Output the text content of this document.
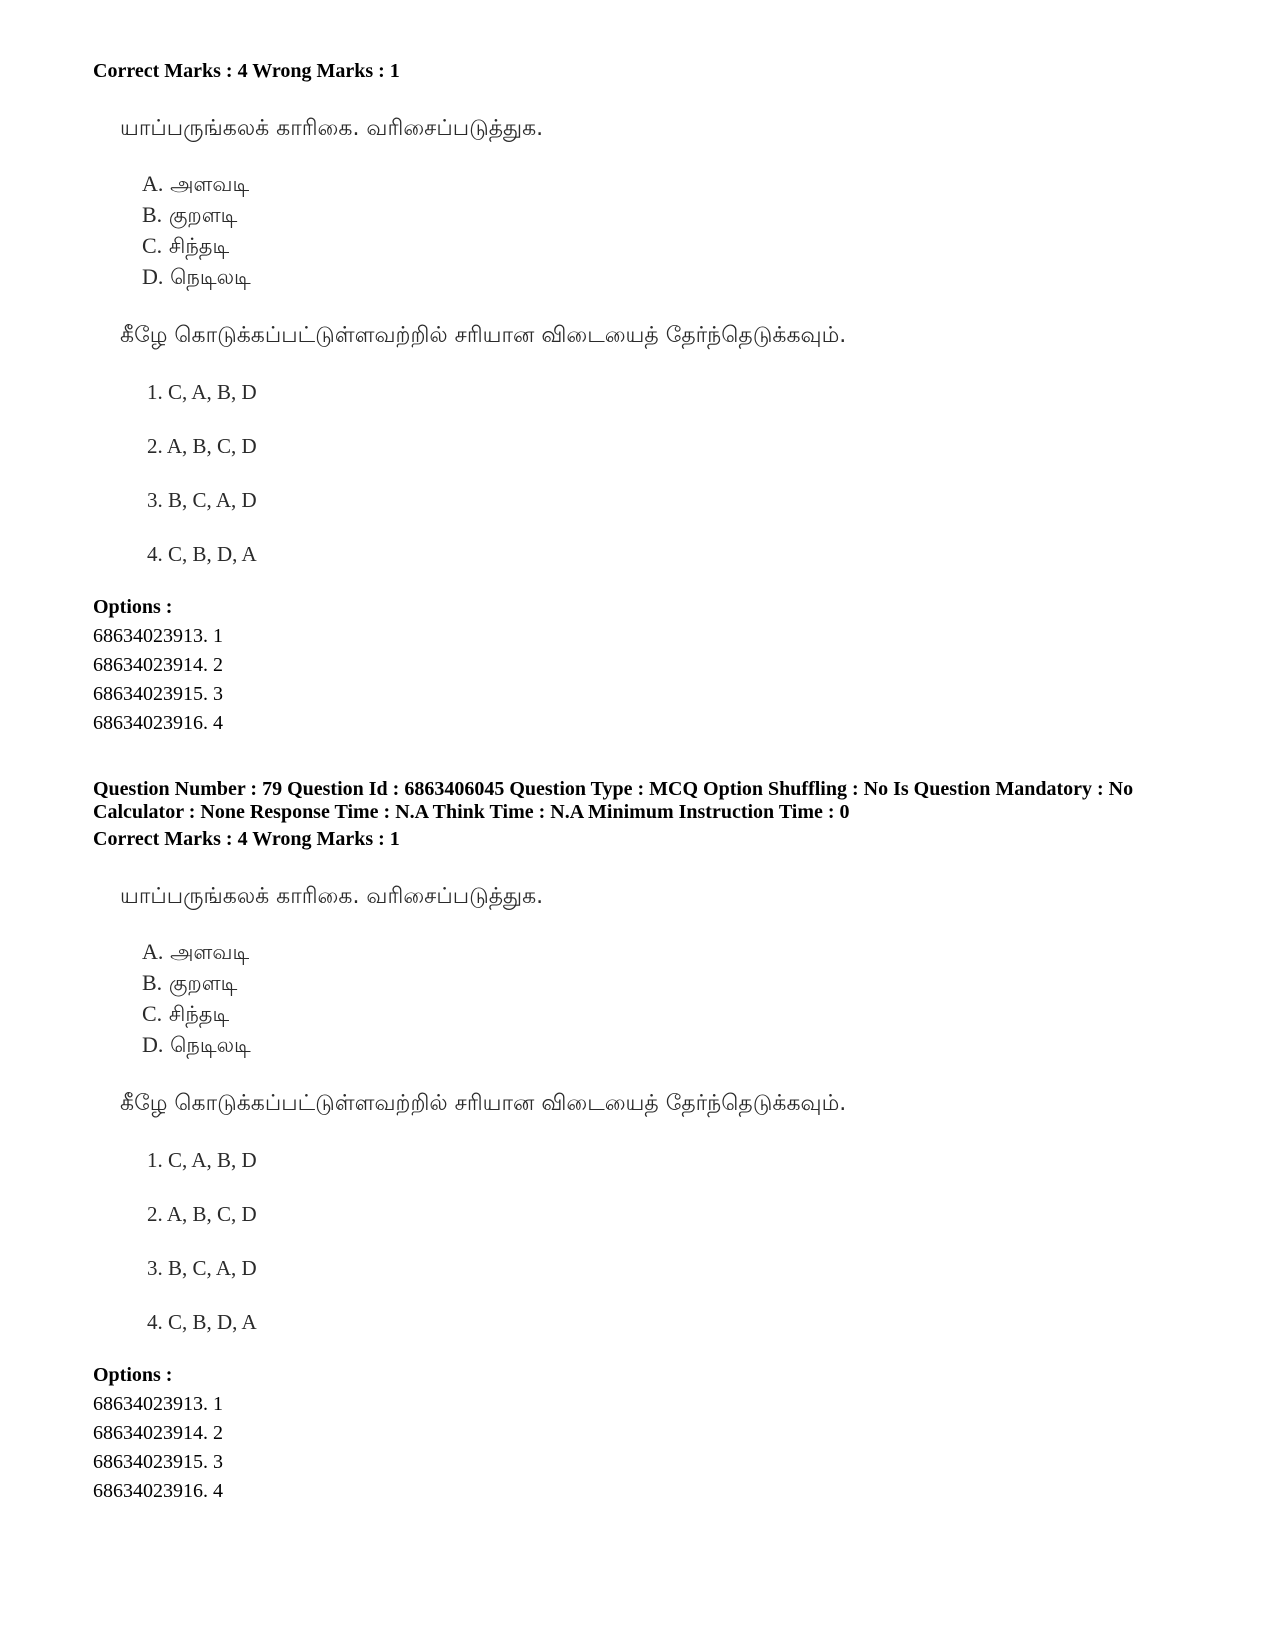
Correct Marks : 4 Wrong Marks : 1
யாப்பருங்கலக் காரிகை. வரிசைப்படுத்துக.
A. அளவடி
B. குறளடி
C. சிந்தடி
D. நெடிலடி
கீழே கொடுக்கப்பட்டுள்ளவற்றில் சரியான விடையைத் தேர்ந்தெடுக்கவும்.
1. C, A, B, D
2. A, B, C, D
3. B, C, A, D
4. C, B, D, A
Options :
68634023913. 1
68634023914. 2
68634023915. 3
68634023916. 4
Question Number : 79 Question Id : 6863406045 Question Type : MCQ Option Shuffling : No Is Question Mandatory : No Calculator : None Response Time : N.A Think Time : N.A Minimum Instruction Time : 0
Correct Marks : 4 Wrong Marks : 1
யாப்பருங்கலக் காரிகை. வரிசைப்படுத்துக.
A. அளவடி
B. குறளடி
C. சிந்தடி
D. நெடிலடி
கீழே கொடுக்கப்பட்டுள்ளவற்றில் சரியான விடையைத் தேர்ந்தெடுக்கவும்.
1. C, A, B, D
2. A, B, C, D
3. B, C, A, D
4. C, B, D, A
Options :
68634023913. 1
68634023914. 2
68634023915. 3
68634023916. 4
